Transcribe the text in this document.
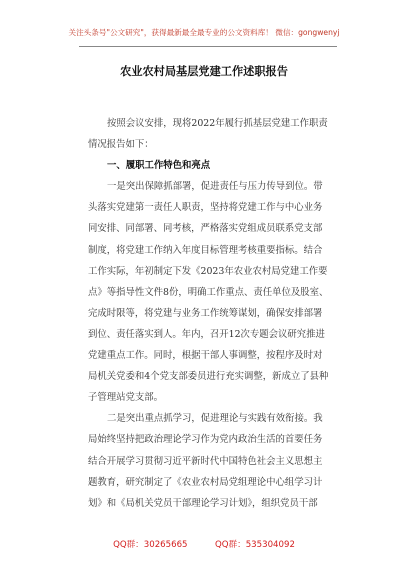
关注头条号"公文研究"，获得最新最全最专业的公文资料库！ 微信：gongwenyj
农业农村局基层党建工作述职报告
按照会议安排，现将2022年履行抓基层党建工作职责
情况报告如下：
一、履职工作特色和亮点
一是突出保障抓部署，促进责任与压力传导到位。带
头落实党建第一责任人职责，坚持将党建工作与中心业务
同安排、同部署、同考核，严格落实党组成员联系党支部
制度，将党建工作纳入年度目标管理考核重要指标。结合
工作实际，年初制定下发《2023年农业农村局党建工作要
点》等指导性文件8份，明确工作重点、责任单位及股室、
完成时限等，将党建与业务工作统筹谋划，确保安排部署
到位、责任落实到人。年内，召开12次专题会议研究推进
党建重点工作。同时，根据干部人事调整，按程序及时对
局机关党委和4个党支部委员进行充实调整，新成立了县种
子管理站党支部。
二是突出重点抓学习，促进理论与实践有效衔接。我
局始终坚持把政治理论学习作为党内政治生活的首要任务
结合开展学习贯彻习近平新时代中国特色社会主义思想主
题教育，研究制定了《农业农村局党组理论中心组学习计
划》和《局机关党员干部理论学习计划》，组织党员干部
QQ群：30265665	QQ群：535304092
